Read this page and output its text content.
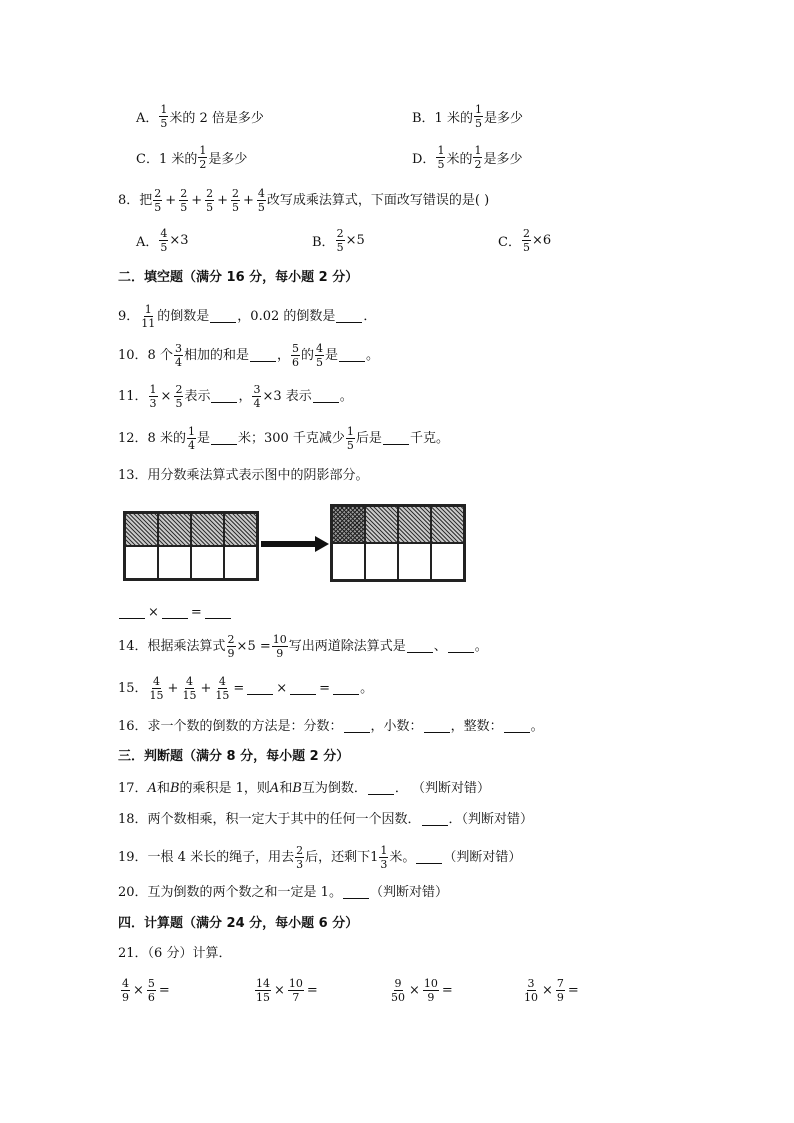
A． $\frac{1}{5}$ 米的 2 倍是多少	B．1 米的 $\frac{1}{5}$ 是多少
C．1 米的 $\frac{1}{2}$ 是多少	D． $\frac{1}{5}$ 米的 $\frac{1}{2}$ 是多少
8．把 $\frac{2}{5} + \frac{2}{5} + \frac{2}{5} + \frac{2}{5} + \frac{4}{5}$ 改写成乘法算式，下面改写错误的是( )
A． $\frac{4}{5} \times 3$	B． $\frac{2}{5} \times 5$	C． $\frac{2}{5} \times 6$
二．填空题（满分 16 分，每小题 2 分）
9． $\frac{1}{11}$ 的倒数是 ，0.02 的倒数是 ．
10．8 个 $\frac{3}{4}$ 相加的和是 ， $\frac{5}{6}$ 的 $\frac{4}{5}$ 是 。
11． $\frac{1}{3} \times \frac{2}{5}$ 表示 ， $\frac{3}{4} \times 3$ 表示 。
12．8 米的 $\frac{1}{4}$ 是 米；300 千克减少 $\frac{1}{5}$ 后是 千克。
13．用分数乘法算式表示图中的阴影部分。
× =
14．根据乘法算式 $\frac{2}{9} \times 5 = \frac{10}{9}$ 写出两道除法算式是 、 。
15． $\frac{4}{15} + \frac{4}{15} + \frac{4}{15}$ = × = 。
16．求一个数的倒数的方法是：分数： ，小数： ，整数： 。
三．判断题（满分 8 分，每小题 2 分）
17． A 和 B 的乘积是 1，则 A 和 B 互为倒数． ． （判断对错）
18．两个数相乘，积一定大于其中的任何一个因数． ．（判断对错）
19．一根 4 米长的绳子，用去 $\frac{2}{3}$ 后，还剩下 $1 \frac{1}{3}$ 米。 （判断对错）
20．互为倒数的两个数之和一定是 1。 （判断对错）
四．计算题（满分 24 分，每小题 6 分）
21．（6 分）计算．
$\frac{4}{9} \times \frac{5}{6}$ =	$\frac{14}{15} \times \frac{10}{7}$ =	$\frac{9}{50} \times \frac{10}{9}$ =	$\frac{3}{10} \times \frac{7}{9}$ =
